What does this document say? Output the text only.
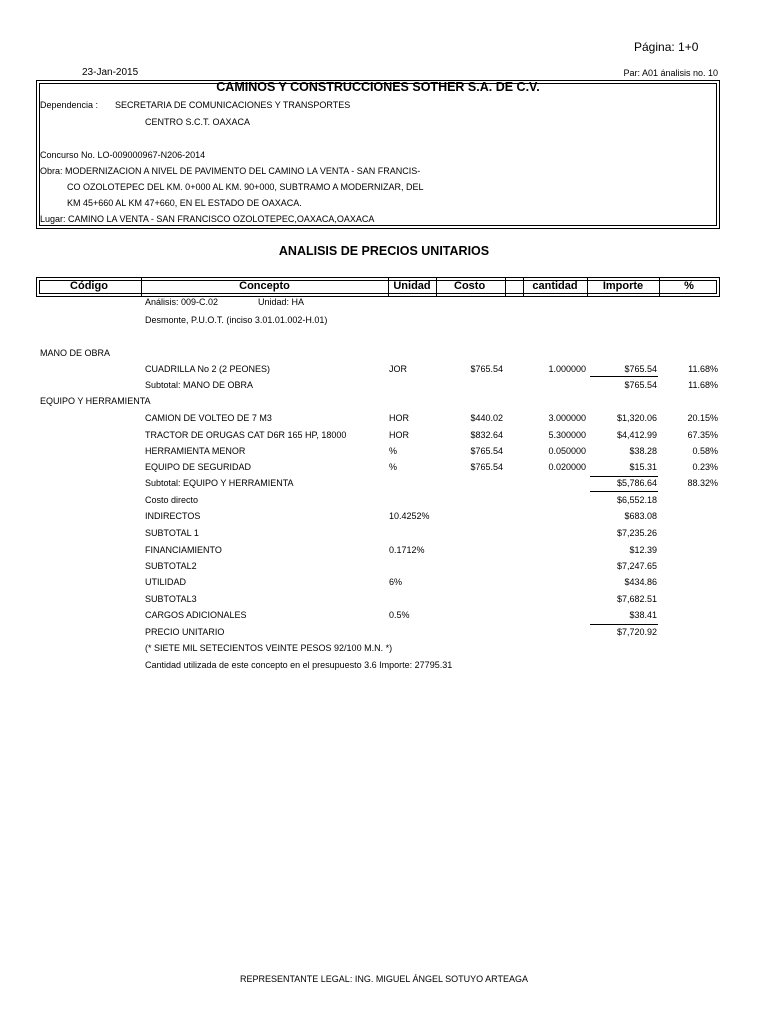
Página: 1+0
23-Jan-2015	Par: A01 ánalisis no. 10
CAMINOS Y CONSTRUCCIONES SOTHER S.A. DE C.V.
Dependencia : SECRETARIA DE COMUNICACIONES Y TRANSPORTES
CENTRO S.C.T. OAXACA
Concurso No. LO-009000967-N206-2014
Obra: MODERNIZACION A NIVEL DE PAVIMENTO DEL CAMINO LA VENTA - SAN FRANCIS-
CO OZOLOTEPEC DEL KM. 0+000 AL KM. 90+000, SUBTRAMO A MODERNIZAR, DEL
KM 45+660 AL KM 47+660, EN EL ESTADO DE OAXACA.
Lugar: CAMINO LA VENTA - SAN FRANCISCO OZOLOTEPEC,OAXACA,OAXACA
ANALISIS DE PRECIOS UNITARIOS
Código	Concepto	Unidad	Costo	cantidad	Importe	%
Análisis: 009-C.02	Unidad: HA
Desmonte, P.U.O.T. (inciso 3.01.01.002-H.01)
MANO DE OBRA
CUADRILLA No 2 (2 PEONES)	JOR	$765.54	1.000000	$765.54	11.68%
Subtotal: MANO DE OBRA	$765.54	11.68%
EQUIPO Y HERRAMIENTA
CAMION DE VOLTEO DE 7 M3	HOR	$440.02	3.000000	$1,320.06	20.15%
TRACTOR DE ORUGAS CAT D6R 165 HP, 18000	HOR	$832.64	5.300000	$4,412.99	67.35%
HERRAMIENTA MENOR	%	$765.54	0.050000	$38.28	0.58%
EQUIPO DE SEGURIDAD	%	$765.54	0.020000	$15.31	0.23%
Subtotal: EQUIPO Y HERRAMIENTA	$5,786.64	88.32%
Costo directo	$6,552.18
INDIRECTOS	10.4252%	$683.08
SUBTOTAL 1	$7,235.26
FINANCIAMIENTO	0.1712%	$12.39
SUBTOTAL2	$7,247.65
UTILIDAD	6%	$434.86
SUBTOTAL3	$7,682.51
CARGOS ADICIONALES	0.5%	$38.41
PRECIO UNITARIO	$7,720.92
(* SIETE MIL SETECIENTOS VEINTE PESOS 92/100 M.N. *)
Cantidad utilizada de este concepto en el presupuesto 3.6 Importe: 27795.31
REPRESENTANTE LEGAL: ING. MIGUEL ÁNGEL SOTUYO ARTEAGA
